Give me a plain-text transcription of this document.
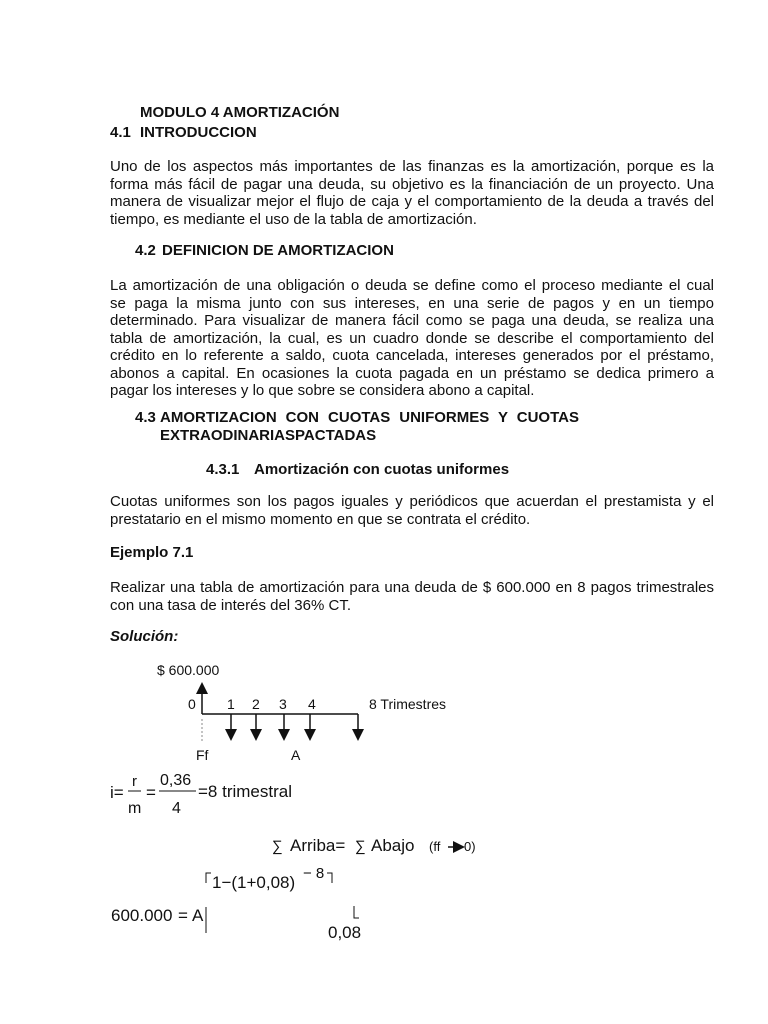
MODULO 4 AMORTIZACIÓN
4.1 INTRODUCCION
Uno de los aspectos más importantes de las finanzas es la amortización, porque es la
forma más fácil de pagar una deuda, su objetivo es la financiación de un proyecto. Una
manera de visualizar mejor el flujo de caja y el comportamiento de la deuda a través del
tiempo, es mediante el uso de la tabla de amortización.
4.2 DEFINICION DE AMORTIZACION
La amortización de una obligación o deuda se define como el proceso mediante el cual
se paga la misma junto con sus intereses, en una serie de pagos y en un tiempo
determinado. Para visualizar de manera fácil como se paga una deuda, se realiza una
tabla de amortización, la cual, es un cuadro donde se describe el comportamiento del
crédito en lo referente a saldo, cuota cancelada, intereses generados por el préstamo,
abonos a capital. En ocasiones la cuota pagada en un préstamo se dedica primero a
pagar los intereses y lo que sobre se considera abono a capital.
4.3 AMORTIZACION CON CUOTAS UNIFORMES Y CUOTAS
EXTRAODINARIASPACTADAS
4.3.1 Amortización con cuotas uniformes
Cuotas uniformes son los pagos iguales y periódicos que acuerdan el prestamista y el
prestatario en el mismo momento en que se contrata el crédito.
Ejemplo 7.1
Realizar una tabla de amortización para una deuda de $ 600.000 en 8 pagos trimestrales
con una tasa de interés del 36% CT.
Solución:
$ 600.000
0 1 2 3 4	8 Trimestres
Ff	A
i=
r
m
=
0,36
4
=8 trimestral
∑ Arriba= ∑ Abajo (ff 0)
1−(1+0,08) − 8
600.000 = A
0,08
